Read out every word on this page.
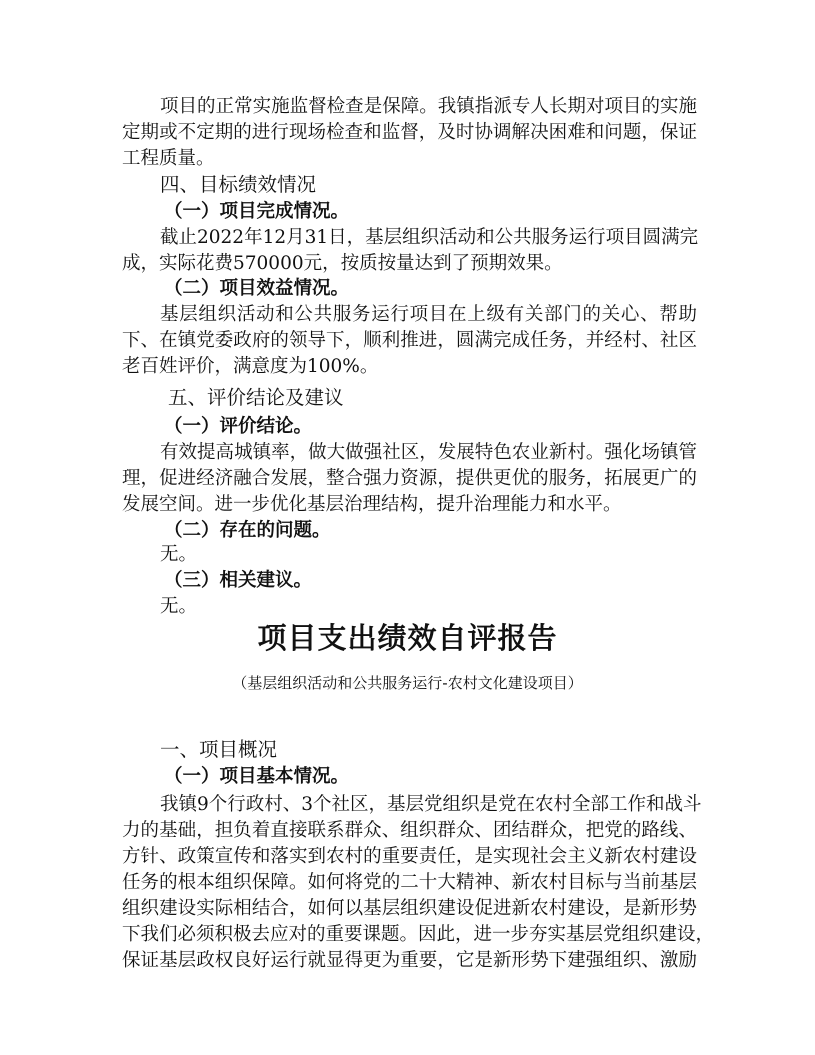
项目的正常实施监督检查是保障。我镇指派专人长期对项目的实施
定期或不定期的进行现场检查和监督，及时协调解决困难和问题，保证
工程质量。
四、目标绩效情况
（一）项目完成情况。
截止2022年12月31日，基层组织活动和公共服务运行项目圆满完
成，实际花费570000元，按质按量达到了预期效果。
（二）项目效益情况。
基层组织活动和公共服务运行项目在上级有关部门的关心、帮助
下、在镇党委政府的领导下，顺利推进，圆满完成任务，并经村、社区
老百姓评价，满意度为100%。
五、评价结论及建议
（一）评价结论。
有效提高城镇率，做大做强社区，发展特色农业新村。强化场镇管
理，促进经济融合发展，整合强力资源，提供更优的服务，拓展更广的
发展空间。进一步优化基层治理结构，提升治理能力和水平。
（二）存在的问题。
无。
（三）相关建议。
无。
项目支出绩效自评报告
（基层组织活动和公共服务运行-农村文化建设项目）
一、项目概况
（一）项目基本情况。
我镇9个行政村、3个社区，基层党组织是党在农村全部工作和战斗
力的基础，担负着直接联系群众、组织群众、团结群众，把党的路线、
方针、政策宣传和落实到农村的重要责任，是实现社会主义新农村建设
任务的根本组织保障。如何将党的二十大精神、新农村目标与当前基层
组织建设实际相结合，如何以基层组织建设促进新农村建设，是新形势
下我们必须积极去应对的重要课题。因此，进一步夯实基层党组织建设，
保证基层政权良好运行就显得更为重要，它是新形势下建强组织、激励
